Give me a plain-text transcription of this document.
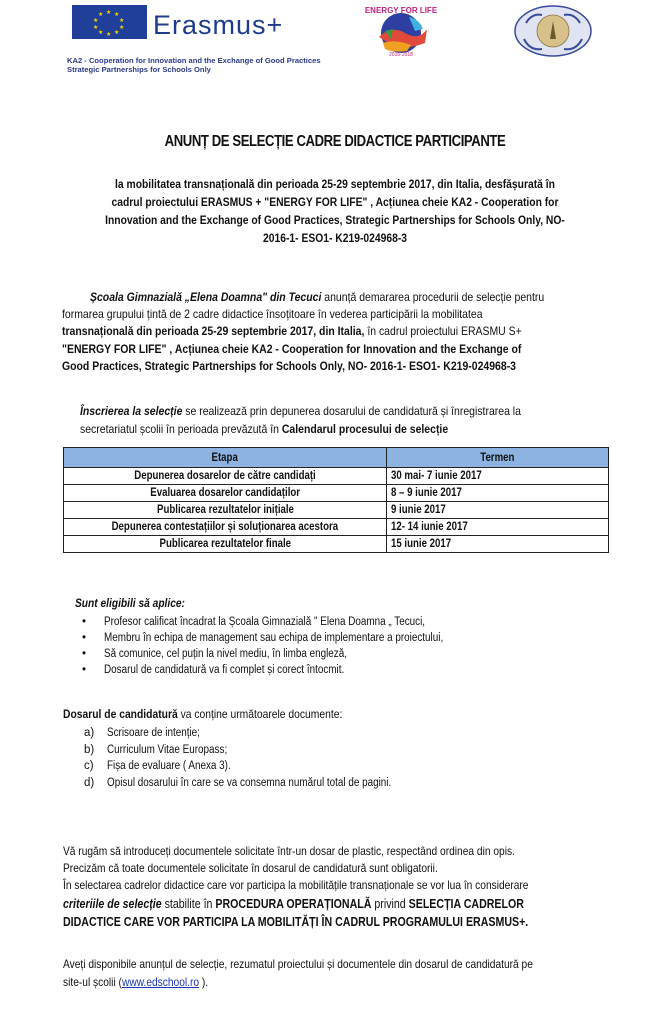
★ ★
★
★
★
★
★
★
★
★ Erasmus+	ENERGY FOR LIFE
2016-2018
KA2 - Cooperation for Innovation and the Exchange of Good Practices
Strategic Partnerships for Schools Only
ANUNȚ DE SELECȚIE CADRE DIDACTICE PARTICIPANTE
la mobilitatea transnațională din perioada 25-29 septembrie 2017, din Italia, desfășurată în
cadrul proiectului ERASMUS + "ENERGY FOR LIFE" , Acțiunea cheie KA2 - Cooperation for
Innovation and the Exchange of Good Practices, Strategic Partnerships for Schools Only, NO-
2016-1- ESO1- K219-024968-3
Școala Gimnazială „Elena Doamna" din Tecuci anunță demararea procedurii de selecție pentru
formarea grupului țintă de 2 cadre didactice însoțitoare în vederea participării la mobilitatea
transnațională din perioada 25-29 septembrie 2017, din Italia, în cadrul proiectului ERASMU S+
"ENERGY FOR LIFE" , Acțiunea cheie KA2 - Cooperation for Innovation and the Exchange of
Good Practices, Strategic Partnerships for Schools Only, NO- 2016-1- ESO1- K219-024968-3
Înscrierea la selecție se realizează prin depunerea dosarului de candidatură și înregistrarea la
secretariatul școlii în perioada prevăzută în Calendarul procesului de selecție
Etapa	Termen
Depunerea dosarelor de către candidați	30 mai- 7 iunie 2017
Evaluarea dosarelor candidaților	8 – 9 iunie 2017
Publicarea rezultatelor inițiale	9 iunie 2017
Depunerea contestațiilor și soluționarea acestora	12- 14 iunie 2017
Publicarea rezultatelor finale	15 iunie 2017
Sunt eligibili să aplice:
• Profesor calificat încadrat la Școala Gimnazială " Elena Doamna „ Tecuci,
• Membru în echipa de management sau echipa de implementare a proiectului,
• Să comunice, cel puțin la nivel mediu, în limba engleză,
• Dosarul de candidatură va fi complet și corect întocmit.
Dosarul de candidatură va conține următoarele documente:
a) Scrisoare de intenție;
b) Curriculum Vitae Europass;
c) Fișa de evaluare ( Anexa 3).
d) Opisul dosarului în care se va consemna numărul total de pagini.
Vă rugăm să introduceți documentele solicitate într-un dosar de plastic, respectând ordinea din opis.
Precizăm că toate documentele solicitate în dosarul de candidatură sunt obligatorii.
În selectarea cadrelor didactice care vor participa la mobilitățile transnaționale se vor lua în considerare
criteriile de selecție stabilite în PROCEDURA OPERAȚIONALĂ privind SELECȚIA CADRELOR
DIDACTICE CARE VOR PARTICIPA LA MOBILITĂȚI ÎN CADRUL PROGRAMULUI ERASMUS+.
Aveți disponibile anunțul de selecție, rezumatul proiectului și documentele din dosarul de candidatură pe
site-ul școlii (www.edschool.ro ).
